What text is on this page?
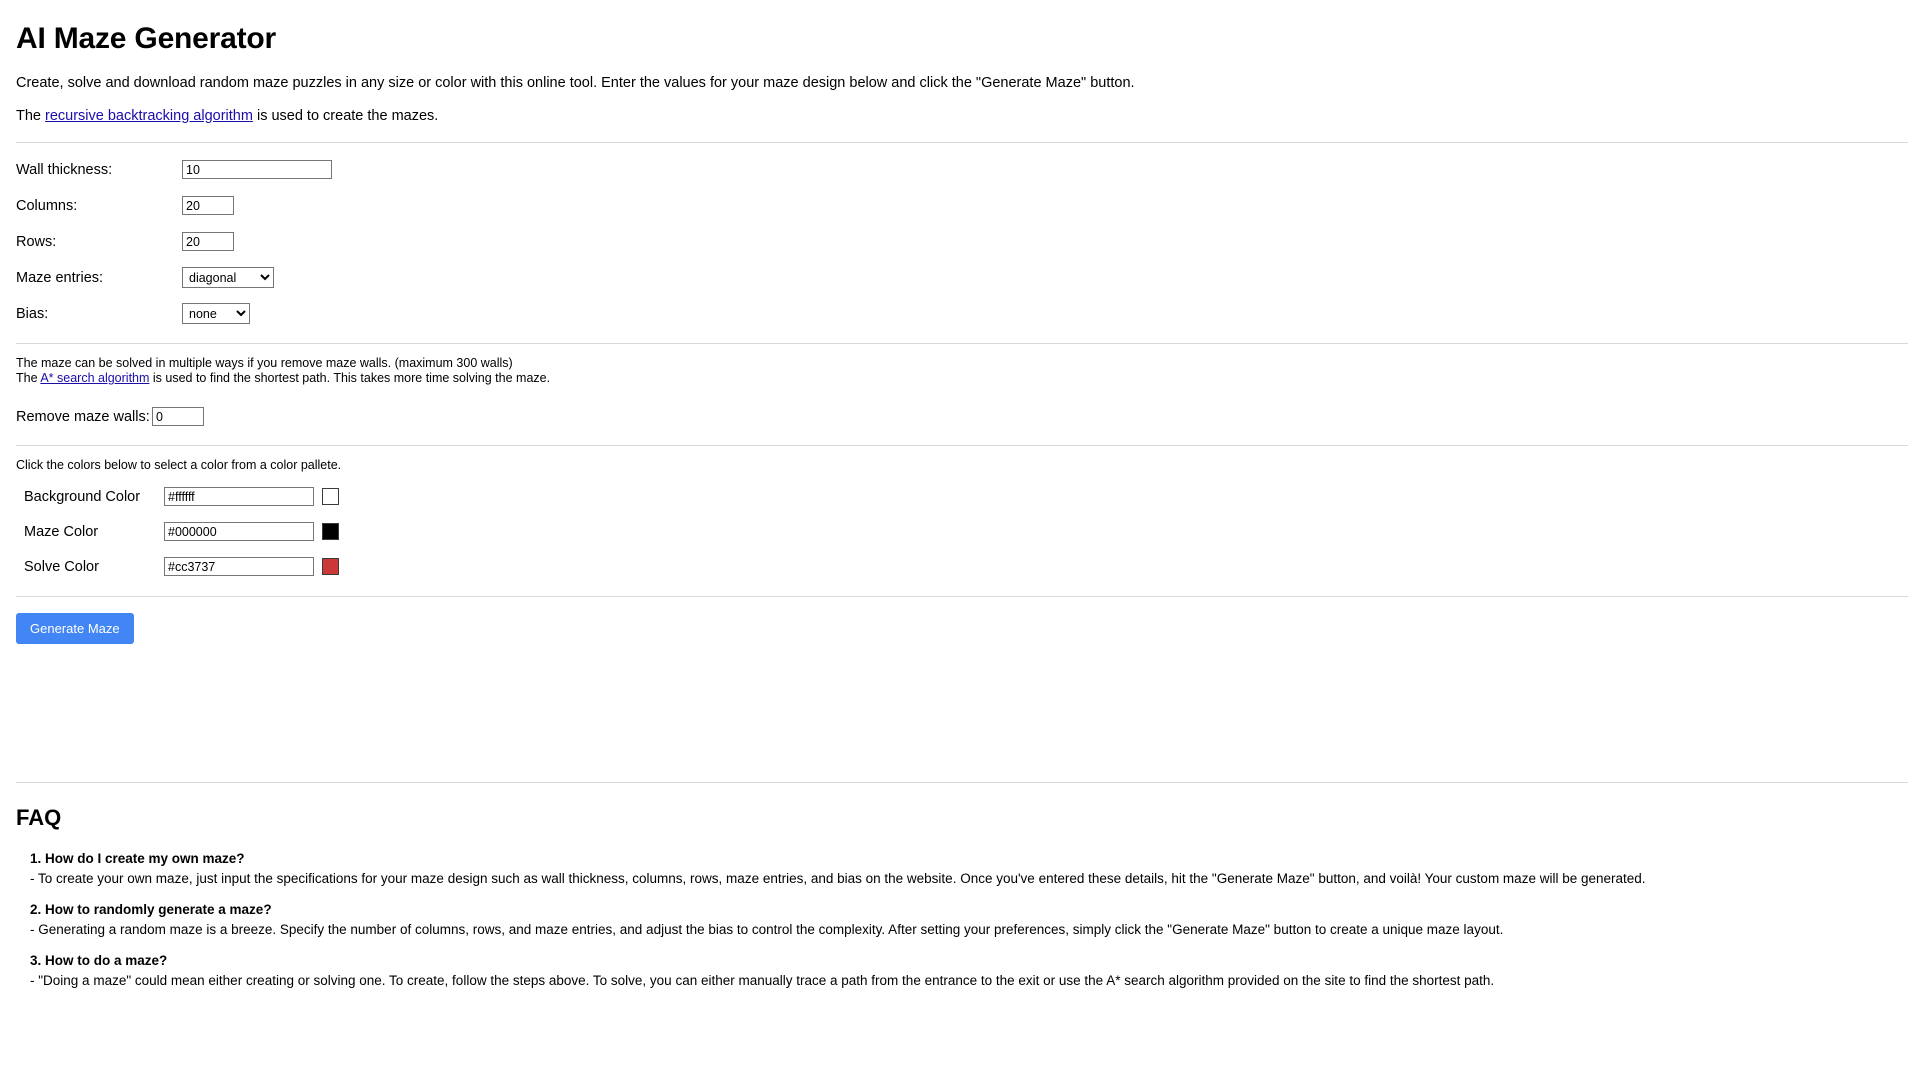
AI Maze Generator

Create, solve and download random maze puzzles in any size or color with this online tool. Enter the values for your maze design below and click the "Generate Maze" button.

The recursive backtracking algorithm is used to create the mazes.

Wall thickness:
10
Columns:
20
Rows:
20
Maze entries:
diagonal
Bias:
none

The maze can be solved in multiple ways if you remove maze walls. (maximum 300 walls)

The A* search algorithm is used to find the shortest path. This takes more time solving the maze.

Remove maze walls:
0

Click the colors below to select a color from a color pallete.

Background Color
#ffffff
Maze Color
#000000
Solve Color
#cc3737
Generate Maze
FAQ

1. How do I create my own maze?

- To create your own maze, just input the specifications for your maze design such as wall thickness, columns, rows, maze entries, and bias on the website. Once you've entered these details, hit the "Generate Maze" button, and voilà! Your custom maze will be generated.

2. How to randomly generate a maze?

- Generating a random maze is a breeze. Specify the number of columns, rows, and maze entries, and adjust the bias to control the complexity. After setting your preferences, simply click the "Generate Maze" button to create a unique maze layout.

3. How to do a maze?

- "Doing a maze" could mean either creating or solving one. To create, follow the steps above. To solve, you can either manually trace a path from the entrance to the exit or use the A* search algorithm provided on the site to find the shortest path.
